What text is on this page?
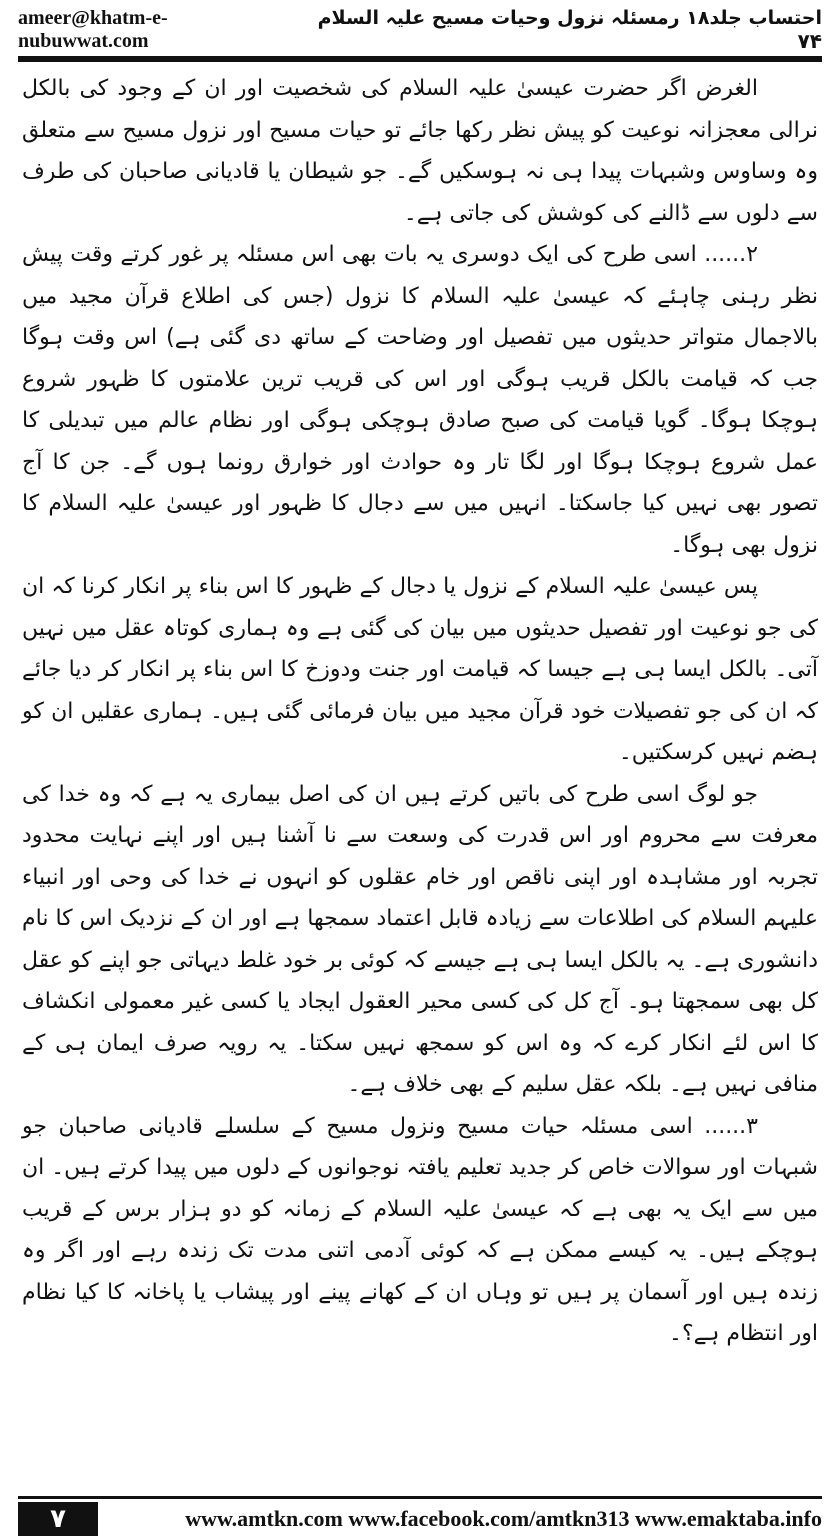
ameer@khatm-e-nubuwwat.com
احتساب جلد۱۸ رمسئلہ نزول وحیات مسیح علیہ السلام ۷۴

الغرض اگر حضرت عیسیٰ علیہ السلام کی شخصیت اور ان کے وجود کی بالکل نرالی معجزانہ نوعیت کو پیش نظر رکھا جائے تو حیات مسیح اور نزول مسیح سے متعلق وہ وساوس وشبہات پیدا ہی نہ ہوسکیں گے۔ جو شیطان یا قادیانی صاحبان کی طرف سے دلوں سے ڈالنے کی کوشش کی جاتی ہے۔

۲...... اسی طرح کی ایک دوسری یہ بات بھی اس مسئلہ پر غور کرتے وقت پیش نظر رہنی چاہئے کہ عیسیٰ علیہ السلام کا نزول (جس کی اطلاع قرآن مجید میں بالاجمال متواتر حدیثوں میں تفصیل اور وضاحت کے ساتھ دی گئی ہے) اس وقت ہوگا جب کہ قیامت بالکل قریب ہوگی اور اس کی قریب ترین علامتوں کا ظہور شروع ہوچکا ہوگا۔ گویا قیامت کی صبح صادق ہوچکی ہوگی اور نظام عالم میں تبدیلی کا عمل شروع ہوچکا ہوگا اور لگا تار وہ حوادث اور خوارق رونما ہوں گے۔ جن کا آج تصور بھی نہیں کیا جاسکتا۔ انہیں میں سے دجال کا ظہور اور عیسیٰ علیہ السلام کا نزول بھی ہوگا۔

پس عیسیٰ علیہ السلام کے نزول یا دجال کے ظہور کا اس بناء پر انکار کرنا کہ ان کی جو نوعیت اور تفصیل حدیثوں میں بیان کی گئی ہے وہ ہماری کوتاہ عقل میں نہیں آتی۔ بالکل ایسا ہی ہے جیسا کہ قیامت اور جنت ودوزخ کا اس بناء پر انکار کر دیا جائے کہ ان کی جو تفصیلات خود قرآن مجید میں بیان فرمائی گئی ہیں۔ ہماری عقلیں ان کو ہضم نہیں کرسکتیں۔

جو لوگ اسی طرح کی باتیں کرتے ہیں ان کی اصل بیماری یہ ہے کہ وہ خدا کی معرفت سے محروم اور اس قدرت کی وسعت سے نا آشنا ہیں اور اپنے نہایت محدود تجربہ اور مشاہدہ اور اپنی ناقص اور خام عقلوں کو انہوں نے خدا کی وحی اور انبیاء علیہم السلام کی اطلاعات سے زیادہ قابل اعتماد سمجھا ہے اور ان کے نزدیک اس کا نام دانشوری ہے۔ یہ بالکل ایسا ہی ہے جیسے کہ کوئی بر خود غلط دیہاتی جو اپنے کو عقل کل بھی سمجھتا ہو۔ آج کل کی کسی محیر العقول ایجاد یا کسی غیر معمولی انکشاف کا اس لئے انکار کرے کہ وہ اس کو سمجھ نہیں سکتا۔ یہ رویہ صرف ایمان ہی کے منافی نہیں ہے۔ بلکہ عقل سلیم کے بھی خلاف ہے۔

۳...... اسی مسئلہ حیات مسیح ونزول مسیح کے سلسلے قادیانی صاحبان جو شبہات اور سوالات خاص کر جدید تعلیم یافتہ نوجوانوں کے دلوں میں پیدا کرتے ہیں۔ ان میں سے ایک یہ بھی ہے کہ عیسیٰ علیہ السلام کے زمانہ کو دو ہزار برس کے قریب ہوچکے ہیں۔ یہ کیسے ممکن ہے کہ کوئی آدمی اتنی مدت تک زندہ رہے اور اگر وہ زندہ ہیں اور آسمان پر ہیں تو وہاں ان کے کھانے پینے اور پیشاب یا پاخانہ کا کیا نظام اور انتظام ہے؟۔

۷	www.amtkn.com www.facebook.com/amtkn313 www.emaktaba.info
